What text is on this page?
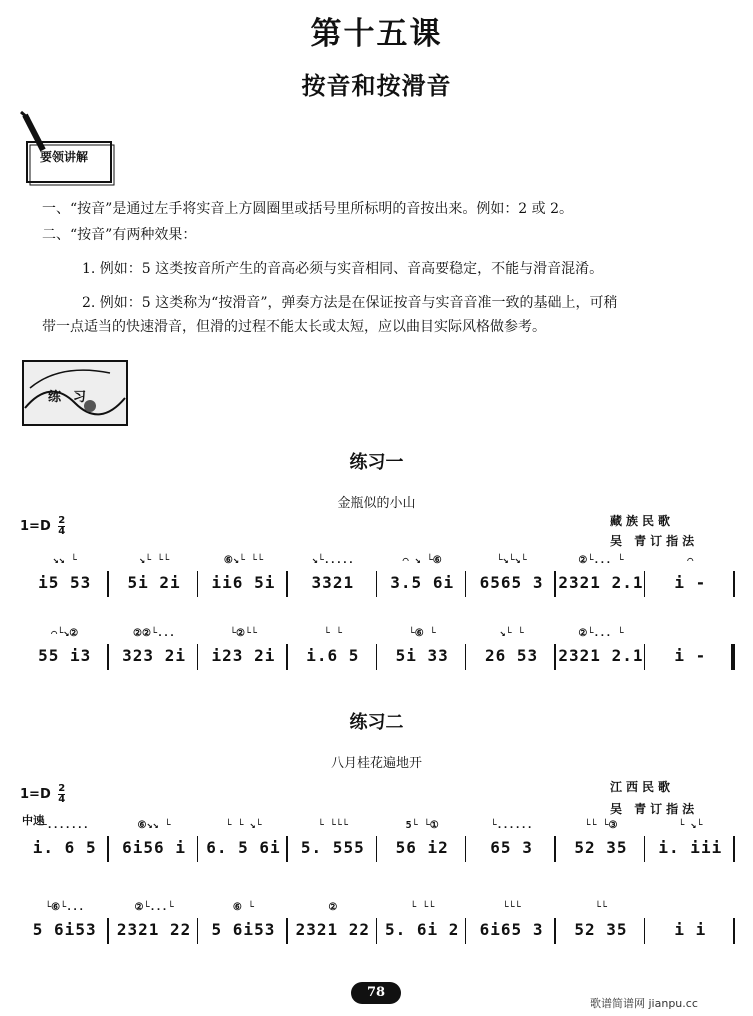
第十五课
按音和按滑音
要领讲解
一、“按音”是通过左手将实音上方圆圈里或括号里所标明的音按出来。例如：2 或 2。
二、“按音”有两种效果：
1. 例如：5 这类按音所产生的音高必须与实音相同、音高要稳定，不能与滑音混淆。
2. 例如：5 这类称为“按滑音”，弹奏方法是在保证按音与实音音准一致的基础上，可稍
带一点适当的快速滑音，但滑的过程不能太长或太短，应以曲目实际风格做参考。
练习
练习一
金瓶似的小山
$1=D \frac{2}{4}$	藏族民歌
吴 青订指法
↘↘ └
i5 53
↘└ └└
5i 2i
⑥↘└ └└
ii6 5i
↘└.....
3321
⌒ ↘ └⑥
3.5 6i
└↘└↘└
6565 3
②└... └
2321 2.1
⌒
i -
⌒└↘②
55 i3
②②└...
323 2i
└②└└
i23 2i
└ └
i.6 5
└⑥ └
5i 33
↘└ └
26 53
②└... └
2321 2.1	i -
练习二
八月桂花遍地开
$1=D \frac{2}{4}$	江西民歌
吴 青订指法
中速
└.......
i. 6 5
⑥↘↘ └
6i56 i
└ └ ↘└
6. 5 6i
└ └└└
5. 555
5└ └①
56 i2
└......
65 3
└└ └③
52 35
└ ↘└
i. iii
└⑥└...
5 6i53
②└...└
2321 22
⑥ └
5 6i53
②
2321 22
└ └└
5. 6i 2
└└└
6i65 3
└└
52 35	i i
78
歌谱简谱网 jianpu.cc
